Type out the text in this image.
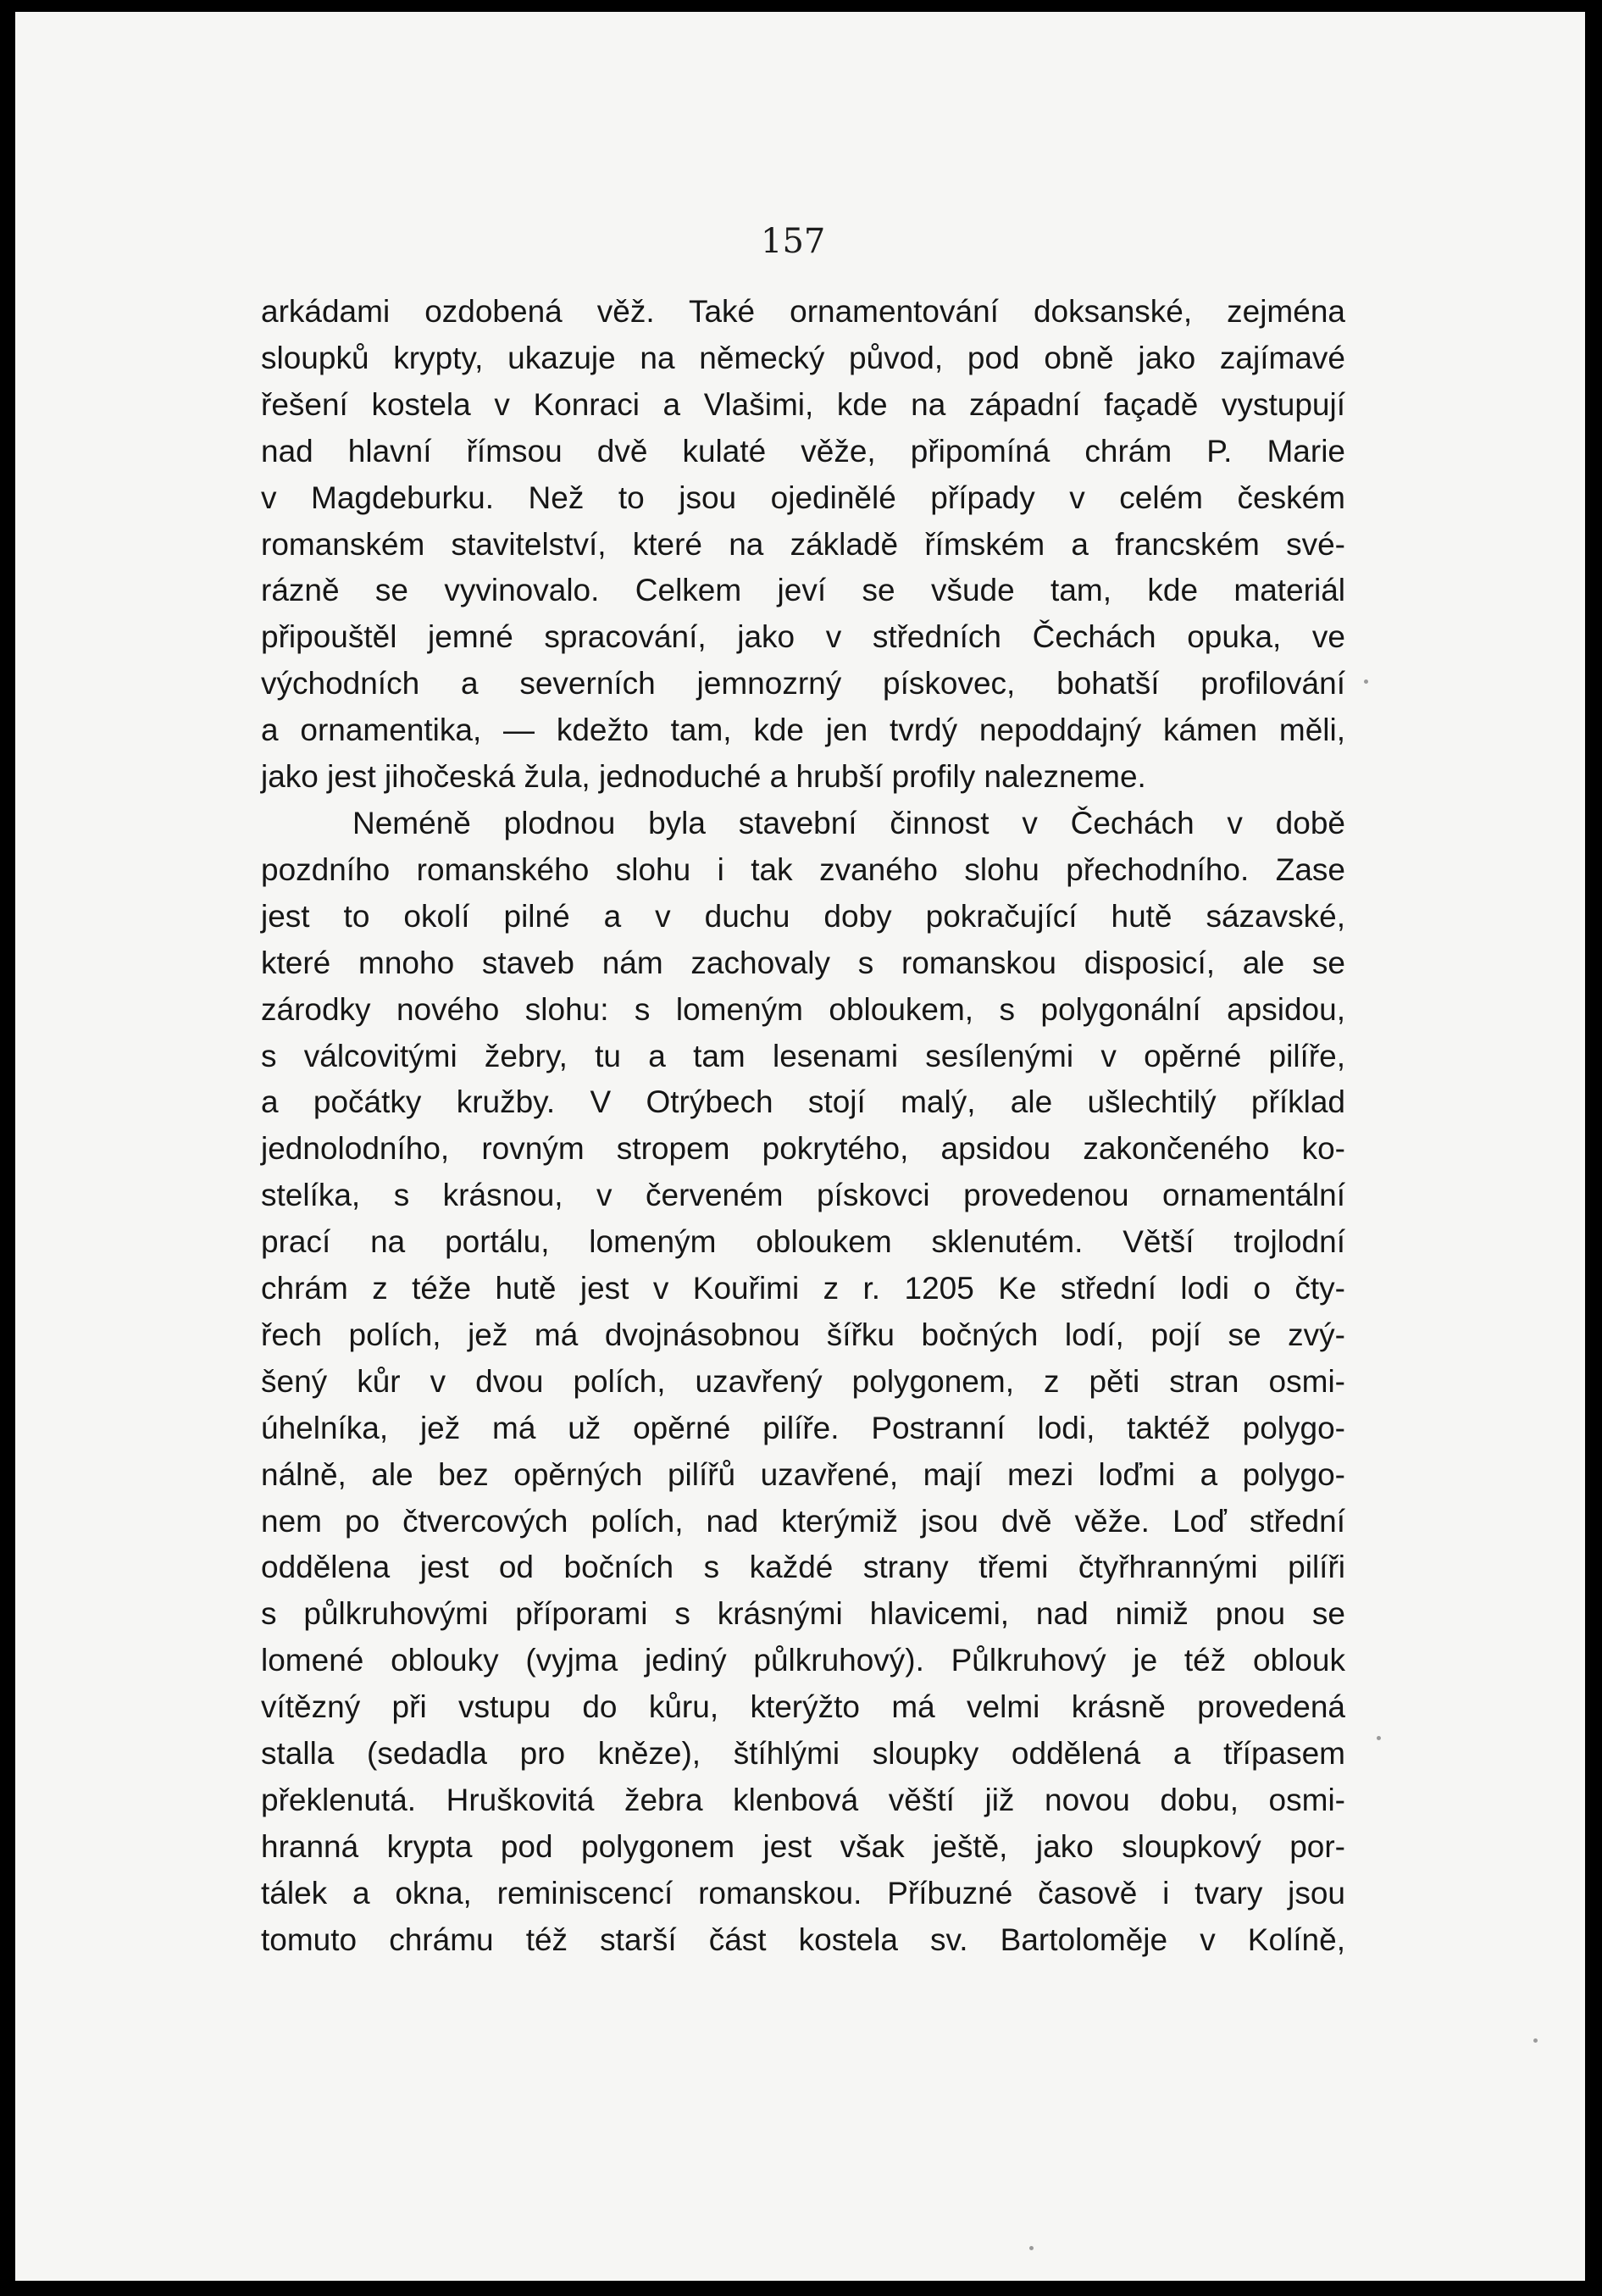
157

arkádami ozdobená věž. Také ornamentování doksanské, zejména
sloupků krypty, ukazuje na německý původ, pod obně jako zajímavé
řešení kostela v Konraci a Vlašimi, kde na západní façadě vystupují
nad hlavní římsou dvě kulaté věže, připomíná chrám P. Marie
v Magdeburku. Než to jsou ojedinělé případy v celém českém
romanském stavitelství, které na základě římském a francském své-
rázně se vyvinovalo. Celkem jeví se všude tam, kde materiál
připouštěl jemné spracování, jako v středních Čechách opuka, ve
východních a severních jemnozrný pískovec, bohatší profilování
a ornamentika, — kdežto tam, kde jen tvrdý nepoddajný kámen měli,
jako jest jihočeská žula, jednoduché a hrubší profily nalezneme.
Neméně plodnou byla stavební činnost v Čechách v době
pozdního romanského slohu i tak zvaného slohu přechodního. Zase
jest to okolí pilné a v duchu doby pokračující hutě sázavské,
které mnoho staveb nám zachovaly s romanskou disposicí, ale se
zárodky nového slohu: s lomeným obloukem, s polygonální apsidou,
s válcovitými žebry, tu a tam lesenami sesílenými v opěrné pilíře,
a počátky kružby. V Otrýbech stojí malý, ale ušlechtilý příklad
jednolodního, rovným stropem pokrytého, apsidou zakončeného ko-
stelíka, s krásnou, v červeném pískovci provedenou ornamentální
prací na portálu, lomeným obloukem sklenutém. Větší trojlodní
chrám z téže hutě jest v Kouřimi z r. 1205 Ke střední lodi o čty-
řech polích, jež má dvojnásobnou šířku bočných lodí, pojí se zvý-
šený kůr v dvou polích, uzavřený polygonem, z pěti stran osmi-
úhelníka, jež má už opěrné pilíře. Postranní lodi, taktéž polygo-
nálně, ale bez opěrných pilířů uzavřené, mají mezi loďmi a polygo-
nem po čtvercových polích, nad kterýmiž jsou dvě věže. Loď střední
oddělena jest od bočních s každé strany třemi čtyřhrannými pilíři
s půlkruhovými příporami s krásnými hlavicemi, nad nimiž pnou se
lomené oblouky (vyjma jediný půlkruhový). Půlkruhový je též oblouk
vítězný při vstupu do kůru, kterýžto má velmi krásně provedená
stalla (sedadla pro kněze), štíhlými sloupky oddělená a třípasem
překlenutá. Hruškovitá žebra klenbová věští již novou dobu, osmi-
hranná krypta pod polygonem jest však ještě, jako sloupkový por-
tálek a okna, reminiscencí romanskou. Příbuzné časově i tvary jsou
tomuto chrámu též starší část kostela sv. Bartoloměje v Kolíně,
